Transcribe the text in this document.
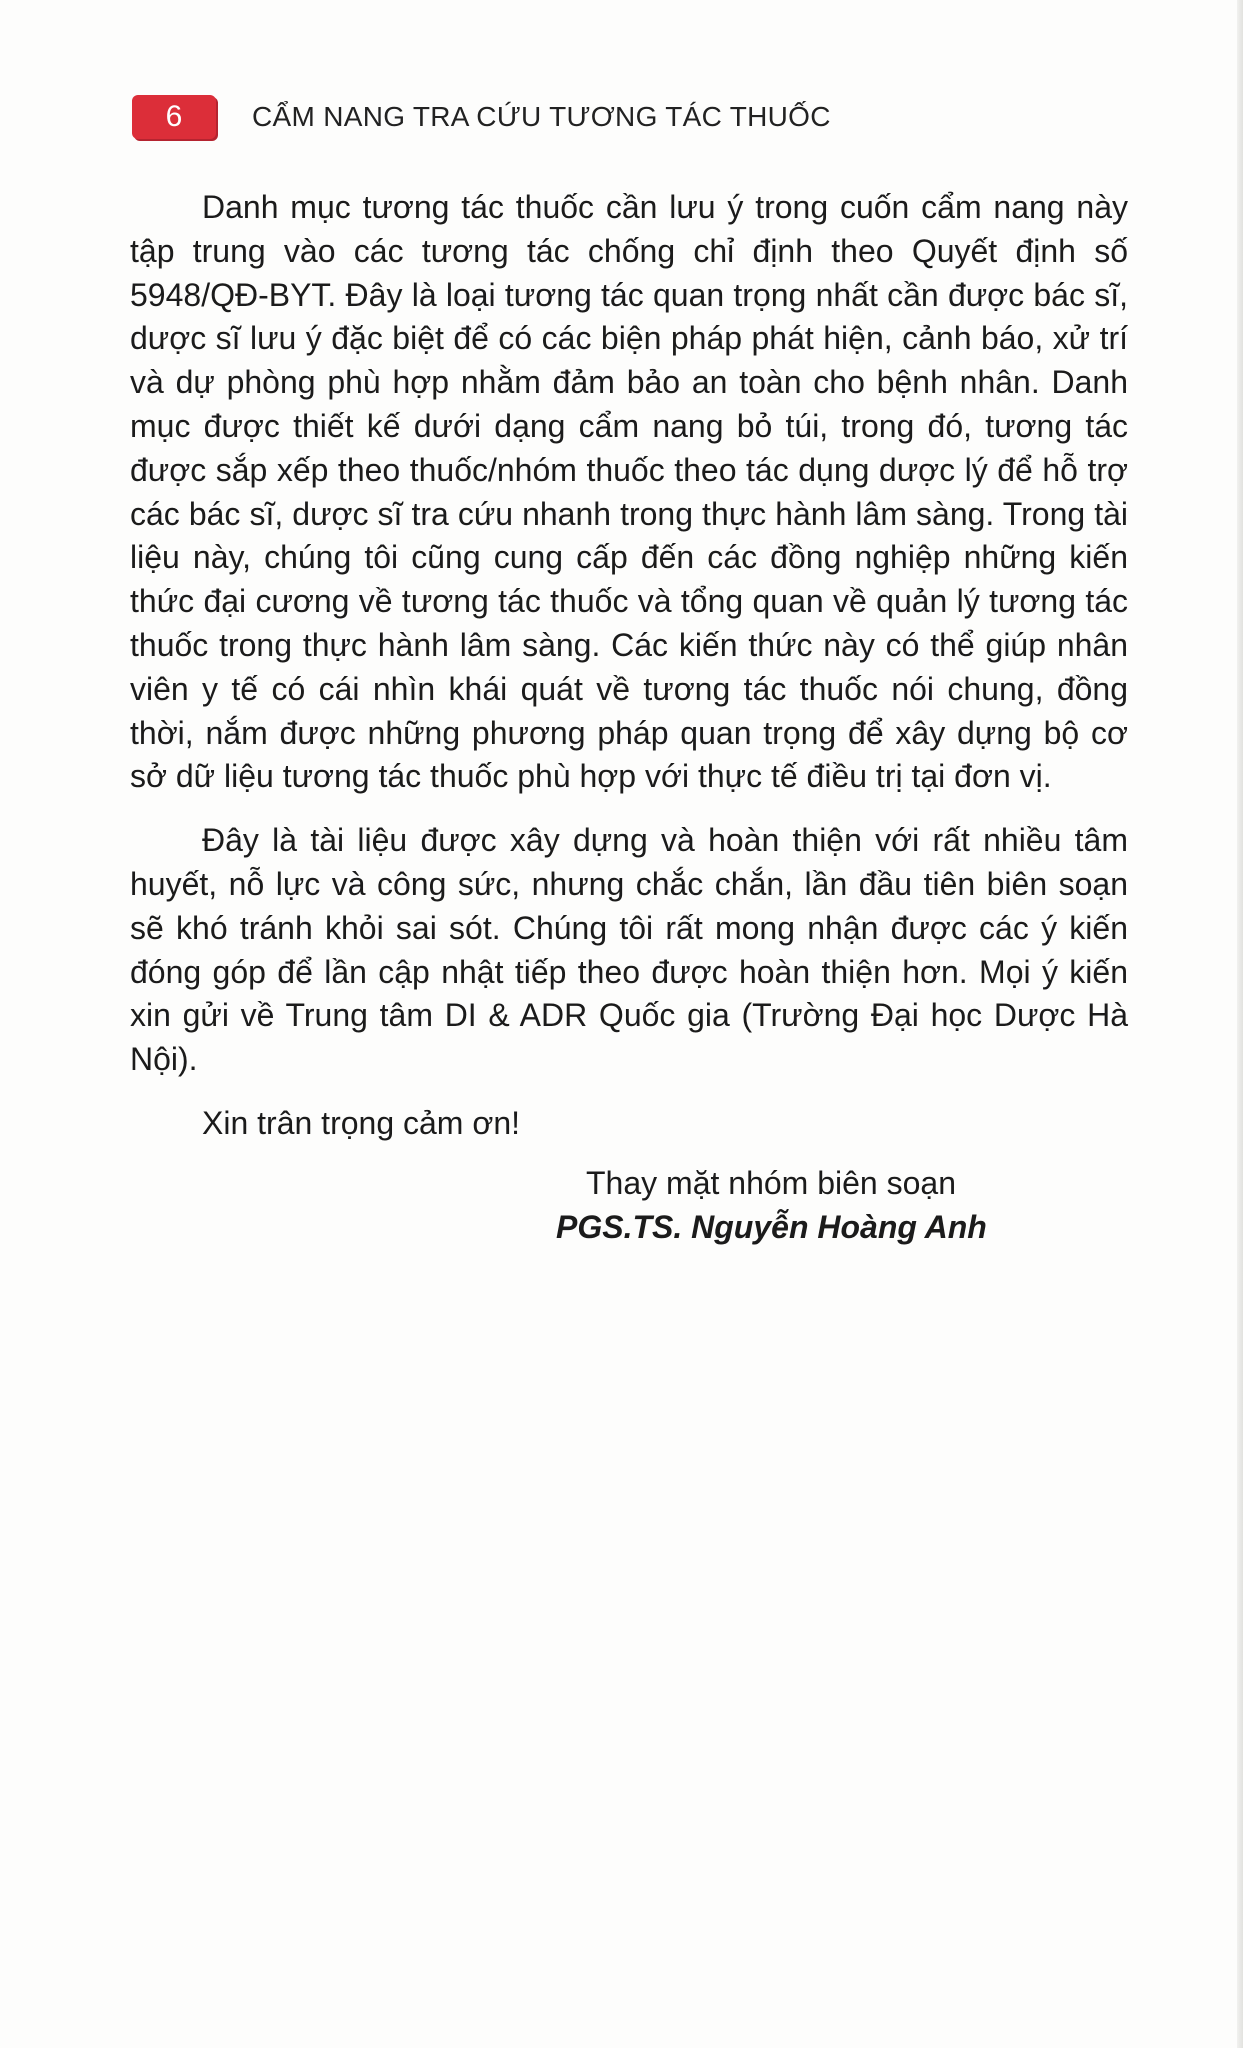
6	CẨM NANG TRA CỨU TƯƠNG TÁC THUỐC

Danh mục tương tác thuốc cần lưu ý trong cuốn cẩm nang này tập trung vào các tương tác chống chỉ định theo Quyết định số 5948/QĐ-BYT. Đây là loại tương tác quan trọng nhất cần được bác sĩ, dược sĩ lưu ý đặc biệt để có các biện pháp phát hiện, cảnh báo, xử trí và dự phòng phù hợp nhằm đảm bảo an toàn cho bệnh nhân. Danh mục được thiết kế dưới dạng cẩm nang bỏ túi, trong đó, tương tác được sắp xếp theo thuốc/nhóm thuốc theo tác dụng dược lý để hỗ trợ các bác sĩ, dược sĩ tra cứu nhanh trong thực hành lâm sàng. Trong tài liệu này, chúng tôi cũng cung cấp đến các đồng nghiệp những kiến thức đại cương về tương tác thuốc và tổng quan về quản lý tương tác thuốc trong thực hành lâm sàng. Các kiến thức này có thể giúp nhân viên y tế có cái nhìn khái quát về tương tác thuốc nói chung, đồng thời, nắm được những phương pháp quan trọng để xây dựng bộ cơ sở dữ liệu tương tác thuốc phù hợp với thực tế điều trị tại đơn vị.

Đây là tài liệu được xây dựng và hoàn thiện với rất nhiều tâm huyết, nỗ lực và công sức, nhưng chắc chắn, lần đầu tiên biên soạn sẽ khó tránh khỏi sai sót. Chúng tôi rất mong nhận được các ý kiến đóng góp để lần cập nhật tiếp theo được hoàn thiện hơn. Mọi ý kiến xin gửi về Trung tâm DI & ADR Quốc gia (Trường Đại học Dược Hà Nội).

Xin trân trọng cảm ơn!
Thay mặt nhóm biên soạn
PGS.TS. Nguyễn Hoàng Anh
